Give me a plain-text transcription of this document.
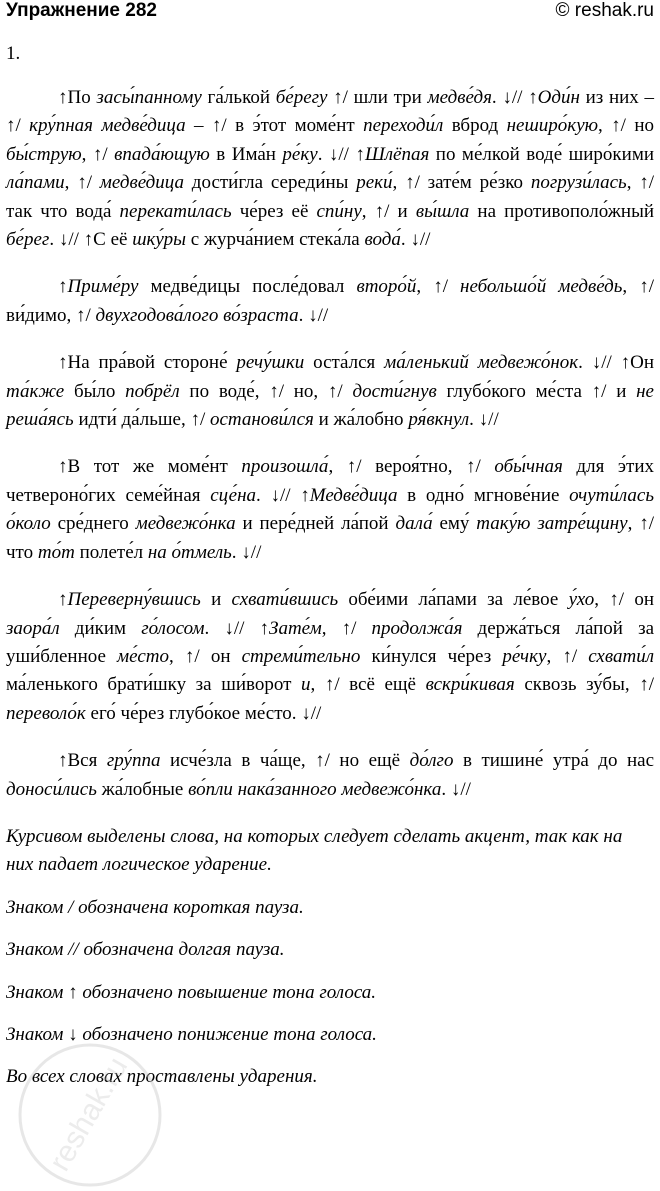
Упражнение 282	© reshak.ru
1.

↑По засы́панному га́лькой бе́регу ↑/ шли три медве́дя. ↓// ↑Оди́н из них – ↑/ кру́пная медве́дица – ↑/ в э́тот моме́нт переходи́л вброд неширо́кую, ↑/ но бы́струю, ↑/ впада́ющую в Има́н ре́ку. ↓// ↑Шлёпая по ме́лкой воде́ широ́кими ла́пами, ↑/ медве́дица дости́гла середи́ны реки́, ↑/ зате́м ре́зко погрузи́лась, ↑/ так что вода́ перекати́лась че́рез её спи́ну, ↑/ и вы́шла на противополо́жный бе́рег. ↓// ↑С её шку́ры с журча́нием стека́ла вода́. ↓//

↑Приме́ру медве́дицы после́довал второ́й, ↑/ небольшо́й медве́дь, ↑/ ви́димо, ↑/ двухгодова́лого во́зраста. ↓//

↑На пра́вой стороне́ речу́шки оста́лся ма́ленький медвежо́нок. ↓// ↑Он та́кже бы́ло побрёл по воде́, ↑/ но, ↑/ дости́гнув глубо́кого ме́ста ↑/ и не реша́ясь идти́ да́льше, ↑/ останови́лся и жа́лобно ря́вкнул. ↓//

↑В тот же моме́нт произошла́, ↑/ вероя́тно, ↑/ обы́чная для э́тих четвероно́гих семе́йная сце́на. ↓// ↑Медве́дица в одно́ мгнове́ние очути́лась о́коло сре́днего медвежо́нка и пере́дней ла́пой дала́ ему́ таку́ю затре́щину, ↑/ что то́т полете́л на о́тмель. ↓//

↑Переверну́вшись и схвати́вшись обе́ими ла́пами за ле́вое у́хо, ↑/ он зaора́л ди́ким го́лосом. ↓// ↑Зате́м, ↑/ продолжа́я держа́ться ла́пой за уши́бленное ме́сто, ↑/ он стреми́тельно ки́нулся че́рез ре́чку, ↑/ схвати́л ма́ленького брати́шку за ши́ворот и, ↑/ всё ещё вскри́кивая сквозь зу́бы, ↑/ переволо́к его́ че́рез глубо́кое ме́сто. ↓//

↑Вся гру́ппа исче́зла в ча́ще, ↑/ но ещё до́лго в тишине́ утра́ до нас доноси́лись жа́лобные во́пли нака́занного медвежо́нка. ↓//

Курсивом выделены слова, на которых следует сделать акцент, так как на них падает логическое ударение.

Знаком / обозначена короткая пауза.

Знаком // обозначена долгая пауза.

Знаком ↑ обозначено повышение тона голоса.

Знаком ↓ обозначено понижение тона голоса.

Во всех словах проставлены ударения.

reshak.ru
